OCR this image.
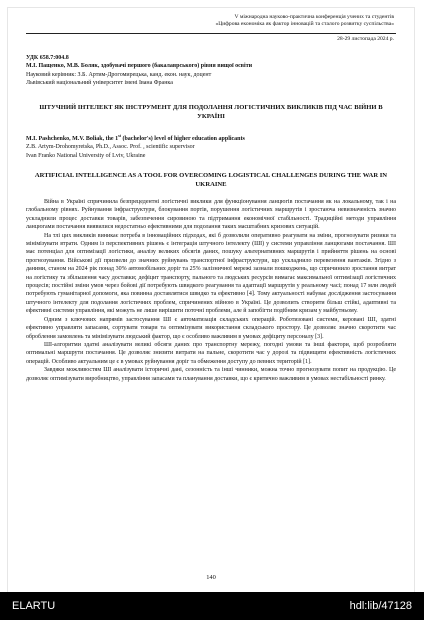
V міжнародна науково-практична конференція учених та студентів
«Цифрова економіка як фактор інновацій та сталого розвитку суспільства»
28-29 листопада 2024 р.
УДК 658.7:004.8
М.І. Пащенко, М.В. Боляк, здобувачі першого (бакалаврського) рівня вищої освіти
Науковий керівник: З.Б. Артим-Дрогомирецька, канд. екон. наук, доцент
Львівський національний університет імені Івана Франка
ШТУЧНИЙ ІНТЕЛЕКТ ЯК ІНСТРУМЕНТ ДЛЯ ПОДОЛАННЯ ЛОГІСТИЧНИХ ВИКЛИКІВ ПІД ЧАС ВІЙНИ В УКРАЇНІ
M.I. Pashchenko, M.V. Boliak, the 1st (bachelor's) level of higher education applicants
Z.B. Artym-Drohomyretska, Ph.D., Assoc. Prof. , scientific supervisor
Ivan Franko National University of Lviv, Ukraine
ARTIFICIAL INTELLIGENCE AS A TOOL FOR OVERCOMING LOGISTICAL CHALLENGES DURING THE WAR IN UKRAINE

Війна в Україні спричинила безпрецедентні логістичні виклики для функціонування ланцюгів постачання як на локальному, так і на глобальному рівнях. Руйнування інфраструктури, блокування портів, порушення логістичних маршрутів і зростаюча невизначеність значно ускладнили процес доставки товарів, забезпечення сировиною та підтримання економічної стабільності. Традиційні методи управління ланцюгами постачання виявилися недостатньо ефективними для подолання таких масштабних кризових ситуацій.

На тлі цих викликів виникає потреба в інноваційних підходах, які б дозволили оперативно реагувати на зміни, прогнозувати ризики та мінімізувати втрати. Одним із перспективних рішень є інтеграція штучного інтелекту (ШІ) у системи управління ланцюгами постачання. ШІ має потенціал для оптимізації логістики, аналізу великих обсягів даних, пошуку альтернативних маршрутів і прийняття рішень на основі прогнозування. Військові дії призвели до значних руйнувань транспортної інфраструктури, що ускладнило перевезення вантажів. Згідно з даними, станом на 2024 рік понад 30% автомобільних доріг та 25% залізничної мережі зазнали пошкоджень, що спричинило зростання витрат на логістику та збільшення часу доставки; дефіцит транспорту, пального та людських ресурсів вимагає максимальної оптимізації логістичних процесів; постійні зміни умов через бойові дії потребують швидкого реагування та адаптації маршрутів у реальному часі; понад 17 млн людей потребують гуманітарної допомоги, яка повинна доставлятися швидко та ефективно [4]. Тому актуальності набуває дослідження застосування штучного інтелекту для подолання логістичних проблем, спричинених війною в Україні. Це дозволить створити більш стійкі, адаптивні та ефективні системи управління, які можуть не лише вирішити поточні проблеми, але й запобігти подібним кризам у майбутньому.

Одним з ключових напрямів застосування ШІ є автоматизація складських операцій. Роботизовані системи, керовані ШІ, здатні ефективно управляти запасами, сортувати товари та оптимізувати використання складського простору. Це дозволяє значно скоротити час оброблення замовлень та мінімізувати людський фактор, що є особливо важливим в умовах дефіциту персоналу [3].

ШІ-алгоритми здатні аналізувати великі обсяги даних про транспортну мережу, погодні умови та інші фактори, щоб розробляти оптимальні маршрути постачання. Це дозволяє знизити витрати на пальне, скоротити час у дорозі та підвищити ефективність логістичних операцій. Особливо актуальним це є в умовах руйнування доріг та обмеження доступу до певних територій [1].

Завдяки можливостям ШІ аналізувати історичні дані, сезонність та інші чинники, можна точно прогнозувати попит на продукцію. Це дозволяє оптимізувати виробництво, управління запасами та планування доставки, що є критично важливим в умовах нестабільності ринку.

140
ELARTU	hdl:lib/47128
